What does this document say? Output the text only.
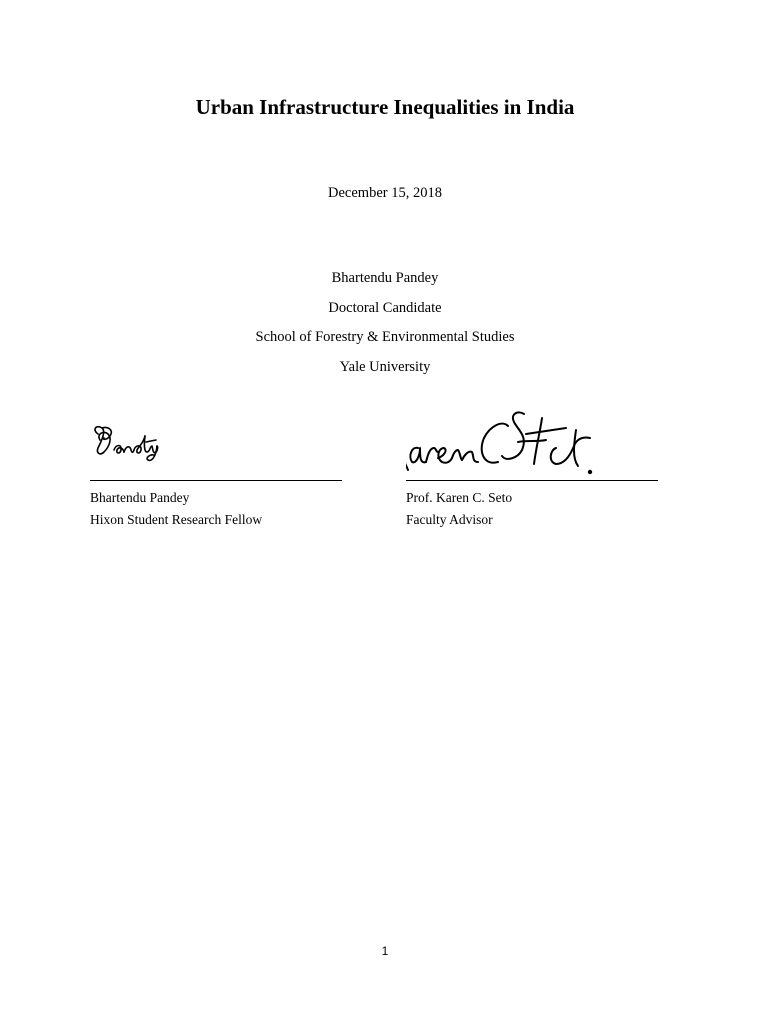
Urban Infrastructure Inequalities in India
December 15, 2018
Bhartendu Pandey
Doctoral Candidate
School of Forestry & Environmental Studies
Yale University
Bhartendu Pandey
Hixon Student Research Fellow
Prof. Karen C. Seto
Faculty Advisor
1
